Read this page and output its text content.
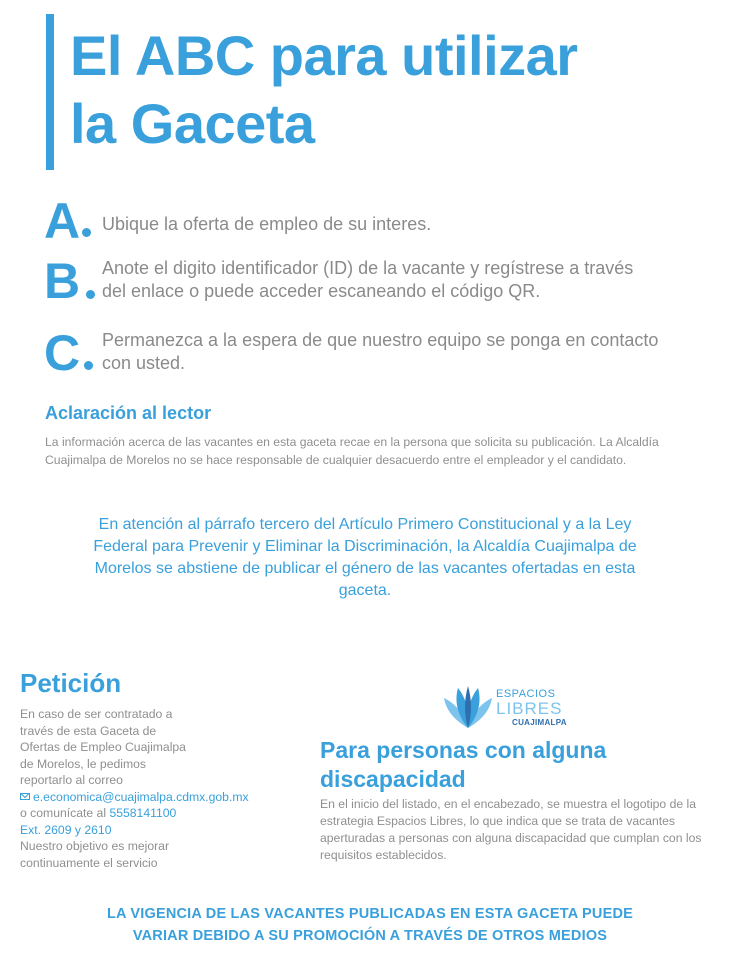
El ABC para utilizar
la Gaceta
A Ubique la oferta de empleo de su interes.
B Anote el digito identificador (ID) de la vacante y regístrese a través del enlace o puede acceder escaneando el código QR.
C Permanezca a la espera de que nuestro equipo se ponga en contacto con usted.
Aclaración al lector

La información acerca de las vacantes en esta gaceta recae en la persona que solicita su publicación. La Alcaldía Cuajimalpa de Morelos no se hace responsable de cualquier desacuerdo entre el empleador y el candidato.

En atención al párrafo tercero del Artículo Primero Constitucional y a la Ley Federal para Prevenir y Eliminar la Discriminación, la Alcaldía Cuajimalpa de Morelos se abstiene de publicar el género de las vacantes ofertadas en esta gaceta.

Petición
En caso de ser contratado a
través de esta Gaceta de
Ofertas de Empleo Cuajimalpa
de Morelos, le pedimos
reportarlo al correo
e.economica@cuajimalpa.cdmx.gob.mx
o comunícate al 5558141100
Ext. 2609 y 2610
Nuestro objetivo es mejorar
continuamente el servicio
ESPACIOS
LIBRES
CUAJIMALPA
Para personas con alguna discapacidad

En el inicio del listado, en el encabezado, se muestra el logotipo de la estrategia Espacios Libres, lo que indica que se trata de vacantes aperturadas a personas con alguna discapacidad que cumplan con los requisitos establecidos.

LA VIGENCIA DE LAS VACANTES PUBLICADAS EN ESTA GACETA PUEDE
VARIAR DEBIDO A SU PROMOCIÓN A TRAVÉS DE OTROS MEDIOS
